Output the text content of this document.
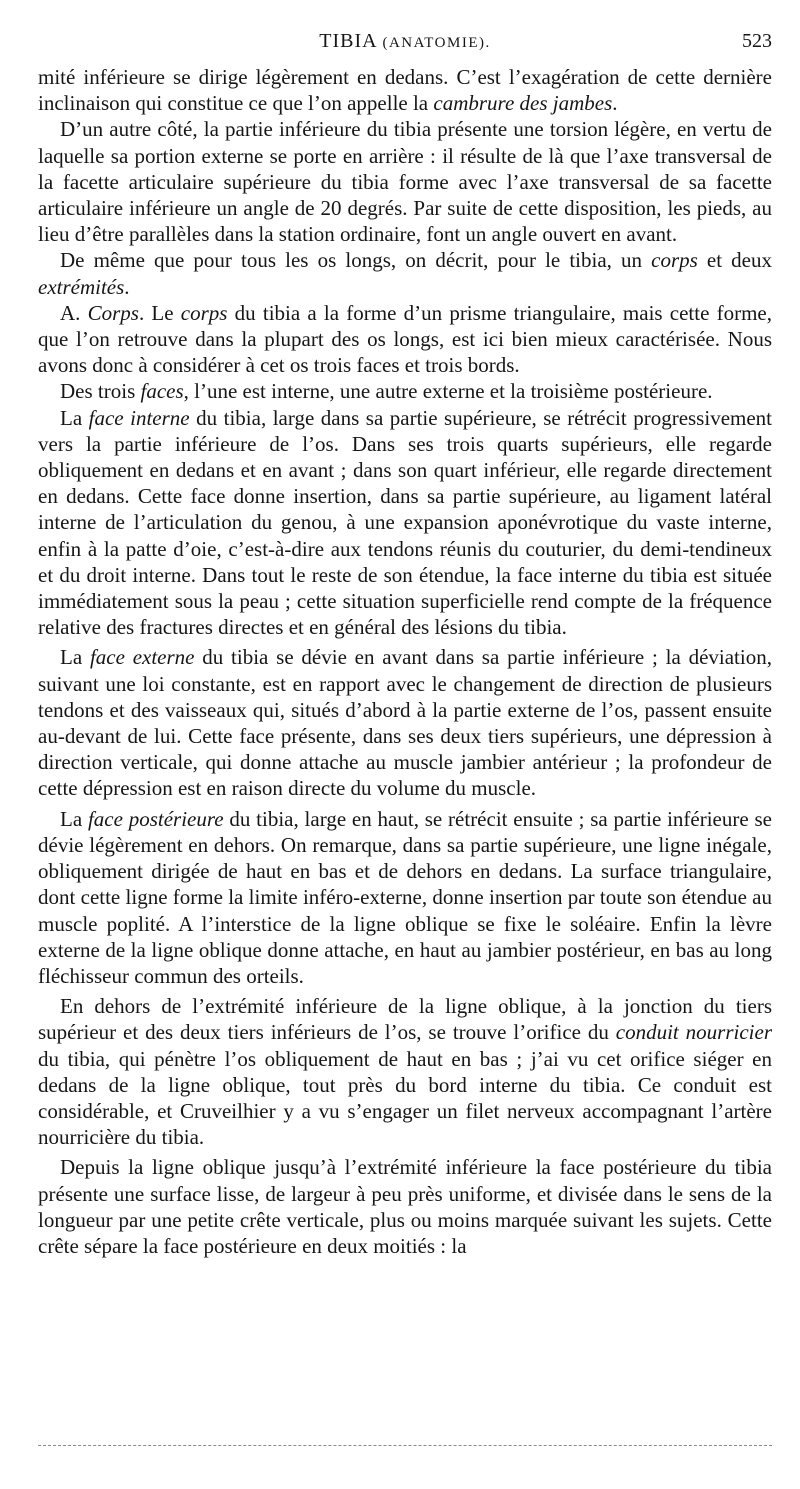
TIBIA (ANATOMIE).	523

mité inférieure se dirige légèrement en dedans. C’est l’exagération de cette dernière inclinaison qui constitue ce que l’on appelle la cambrure des jambes.

D’un autre côté, la partie inférieure du tibia présente une torsion légère, en vertu de laquelle sa portion externe se porte en arrière : il résulte de là que l’axe transversal de la facette articulaire supérieure du tibia forme avec l’axe transversal de sa facette articulaire inférieure un angle de 20 degrés. Par suite de cette disposition, les pieds, au lieu d’être parallèles dans la station ordinaire, font un angle ouvert en avant.

De même que pour tous les os longs, on décrit, pour le tibia, un corps et deux extrémités.

A. Corps. Le corps du tibia a la forme d’un prisme triangulaire, mais cette forme, que l’on retrouve dans la plupart des os longs, est ici bien mieux caractérisée. Nous avons donc à considérer à cet os trois faces et trois bords.

Des trois faces, l’une est interne, une autre externe et la troisième postérieure.

La face interne du tibia, large dans sa partie supérieure, se rétrécit progressivement vers la partie inférieure de l’os. Dans ses trois quarts supérieurs, elle regarde obliquement en dedans et en avant ; dans son quart inférieur, elle regarde directement en dedans. Cette face donne insertion, dans sa partie supérieure, au ligament latéral interne de l’articulation du genou, à une expansion aponévrotique du vaste interne, enfin à la patte d’oie, c’est-à-dire aux tendons réunis du couturier, du demi-tendineux et du droit interne. Dans tout le reste de son étendue, la face interne du tibia est située immédiatement sous la peau ; cette situation superficielle rend compte de la fréquence relative des fractures directes et en général des lésions du tibia.

La face externe du tibia se dévie en avant dans sa partie inférieure ; la déviation, suivant une loi constante, est en rapport avec le changement de direction de plusieurs tendons et des vaisseaux qui, situés d’abord à la partie externe de l’os, passent ensuite au-devant de lui. Cette face présente, dans ses deux tiers supérieurs, une dépression à direction verticale, qui donne attache au muscle jambier antérieur ; la profondeur de cette dépression est en raison directe du volume du muscle.

La face postérieure du tibia, large en haut, se rétrécit ensuite ; sa partie inférieure se dévie légèrement en dehors. On remarque, dans sa partie supérieure, une ligne inégale, obliquement dirigée de haut en bas et de dehors en dedans. La surface triangulaire, dont cette ligne forme la limite inféro-externe, donne insertion par toute son étendue au muscle poplité. A l’interstice de la ligne oblique se fixe le soléaire. Enfin la lèvre externe de la ligne oblique donne attache, en haut au jambier postérieur, en bas au long fléchisseur commun des orteils.

En dehors de l’extrémité inférieure de la ligne oblique, à la jonction du tiers supérieur et des deux tiers inférieurs de l’os, se trouve l’orifice du conduit nourricier du tibia, qui pénètre l’os obliquement de haut en bas ; j’ai vu cet orifice siéger en dedans de la ligne oblique, tout près du bord interne du tibia. Ce conduit est considérable, et Cruveilhier y a vu s’engager un filet nerveux accompagnant l’artère nourricière du tibia.

Depuis la ligne oblique jusqu’à l’extrémité inférieure la face postérieure du tibia présente une surface lisse, de largeur à peu près uniforme, et divisée dans le sens de la longueur par une petite crête verticale, plus ou moins marquée suivant les sujets. Cette crête sépare la face postérieure en deux moitiés : la
